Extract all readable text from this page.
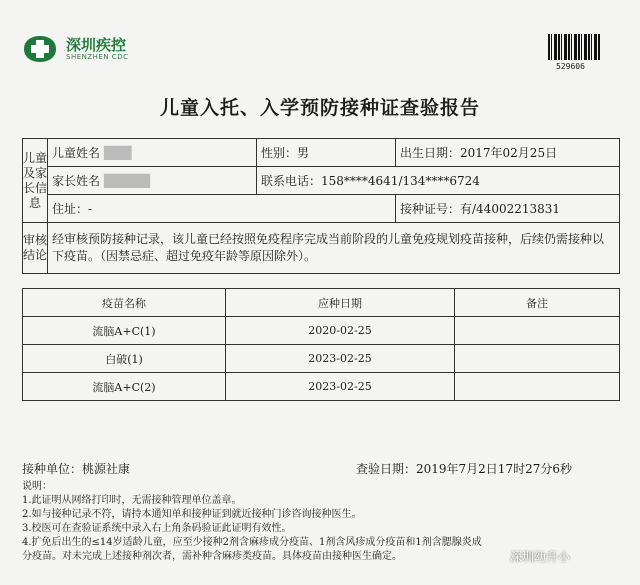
深圳疾控
SHENZHEN CDC
529606
儿童入托、入学预防接种证查验报告
儿童及家长信息	儿童姓名 ███	性别：男	出生日期：2017年02月25日
	家长姓名 █████	联系电话：158****4641/134****6724	
	住址：-		接种证号：有/44002213831
审核结论	经审核预防接种记录，该儿童已经按照免疫程序完成当前阶段的儿童免疫规划疫苗接种，后续仍需接种以下疫苗。（因禁忌症、超过免疫年龄等原因除外）。		
疫苗名称	应种日期	备注
流脑A+C(1)	2020-02-25	
白破(1)	2023-02-25	
流脑A+C(2)	2023-02-25	
接种单位：桃源社康	查验日期：2019年7月2日17时27分6秒
说明：
1.此证明从网络打印时，无需接种管理单位盖章。
2.如与接种记录不符，请持本通知单和接种证到就近接种门诊咨询接种医生。
3.校医可在查验证系统中录入右上角条码验证此证明有效性。
4.扩免后出生的≤14岁适龄儿童，应至少接种2剂含麻疹成分疫苗、1剂含风疹成分疫苗和1剂含腮腺炎成
分疫苗。对未完成上述接种剂次者，需补种含麻疹类疫苗。具体疫苗由接种医生确定。	深圳幼升小
